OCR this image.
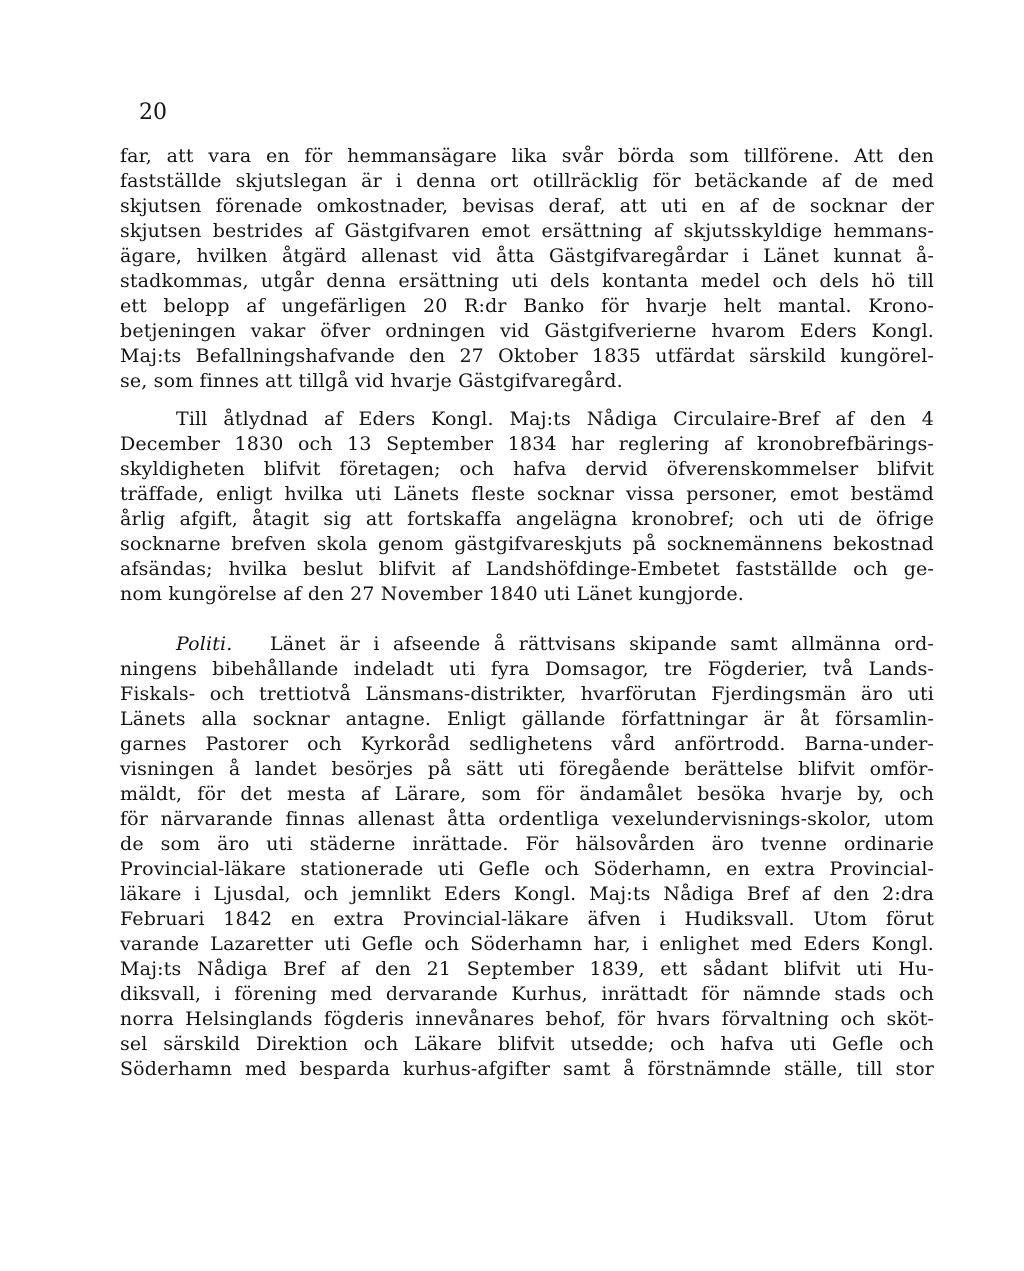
20
far, att vara en för hemmansägare lika svår börda som tillförene. Att den
fastställde skjutslegan är i denna ort otillräcklig för betäckande af de med
skjutsen förenade omkostnader, bevisas deraf, att uti en af de socknar der
skjutsen bestrides af Gästgifvaren emot ersättning af skjutsskyldige hemmans-
ägare, hvilken åtgärd allenast vid åtta Gästgifvaregårdar i Länet kunnat å-
stadkommas, utgår denna ersättning uti dels kontanta medel och dels hö till
ett belopp af ungefärligen 20 R:dr Banko för hvarje helt mantal. Krono-
betjeningen vakar öfver ordningen vid Gästgifverierne hvarom Eders Kongl.
Maj:ts Befallningshafvande den 27 Oktober 1835 utfärdat särskild kungörel-
se, som finnes att tillgå vid hvarje Gästgifvaregård.
Till åtlydnad af Eders Kongl. Maj:ts Nådiga Circulaire-Bref af den 4
December 1830 och 13 September 1834 har reglering af kronobrefbärings-
skyldigheten blifvit företagen; och hafva dervid öfverenskommelser blifvit
träffade, enligt hvilka uti Länets fleste socknar vissa personer, emot bestämd
årlig afgift, åtagit sig att fortskaffa angelägna kronobref; och uti de öfrige
socknarne brefven skola genom gästgifvareskjuts på socknemännens bekostnad
afsändas; hvilka beslut blifvit af Landshöfdinge-Embetet fastställde och ge-
nom kungörelse af den 27 November 1840 uti Länet kungjorde.
Politi.	Länet är i afseende å rättvisans skipande samt allmänna ord-
ningens bibehållande indeladt uti fyra Domsagor, tre Fögderier, två Lands-
Fiskals- och trettiotvå Länsmans-distrikter, hvarförutan Fjerdingsmän äro uti
Länets alla socknar antagne. Enligt gällande författningar är åt församlin-
garnes Pastorer och Kyrkoråd sedlighetens vård anförtrodd. Barna-under-
visningen å landet besörjes på sätt uti föregående berättelse blifvit omför-
mäldt, för det mesta af Lärare, som för ändamålet besöka hvarje by, och
för närvarande finnas allenast åtta ordentliga vexelundervisnings-skolor, utom
de som äro uti städerne inrättade. För hälsovården äro tvenne ordinarie
Provincial-läkare stationerade uti Gefle och Söderhamn, en extra Provincial-
läkare i Ljusdal, och jemnlikt Eders Kongl. Maj:ts Nådiga Bref af den 2:dra
Februari 1842 en extra Provincial-läkare äfven i Hudiksvall. Utom förut
varande Lazaretter uti Gefle och Söderhamn har, i enlighet med Eders Kongl.
Maj:ts Nådiga Bref af den 21 September 1839, ett sådant blifvit uti Hu-
diksvall, i förening med dervarande Kurhus, inrättadt för nämnde stads och
norra Helsinglands fögderis innevånares behof, för hvars förvaltning och sköt-
sel särskild Direktion och Läkare blifvit utsedde; och hafva uti Gefle och
Söderhamn med besparda kurhus-afgifter samt å förstnämnde ställe, till stor
